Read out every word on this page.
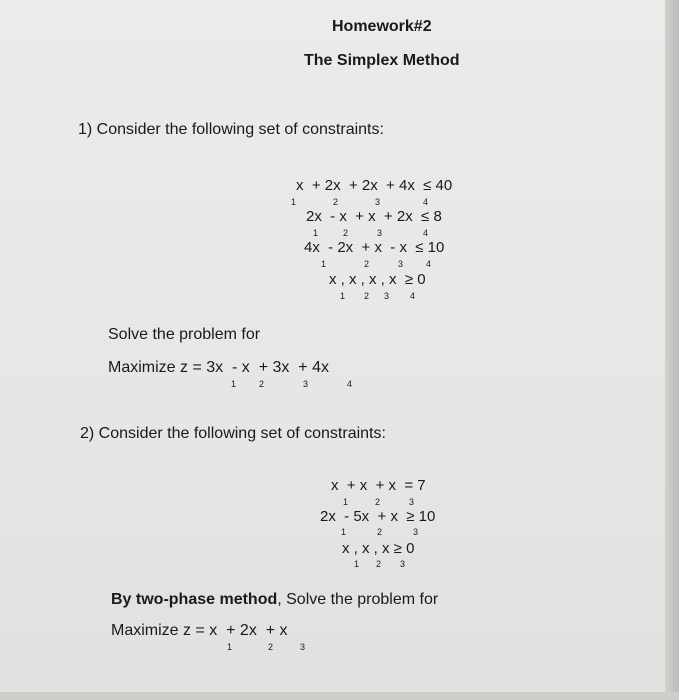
Homework#2
The Simplex Method
1) Consider the following set of constraints:
x  + 2x  + 2x  + 4x  ≤ 40
1	2	3	4
2x  - x  + x  + 2x  ≤ 8
1	2	3	4
4x  - 2x  + x  - x  ≤ 10
1	2	3	4
x , x , x , x  ≥ 0
1 2 3 4
Solve the problem for
Maximize z = 3x  - x  + 3x  + 4x
1	2	3	4
2) Consider the following set of constraints:
x  + x  + x  = 7
1	2	3
2x  - 5x  + x  ≥ 10
1	2	3
x , x , x ≥ 0
1 2 3
By two-phase method, Solve the problem for
Maximize z = x  + 2x  + x
1	2	3
